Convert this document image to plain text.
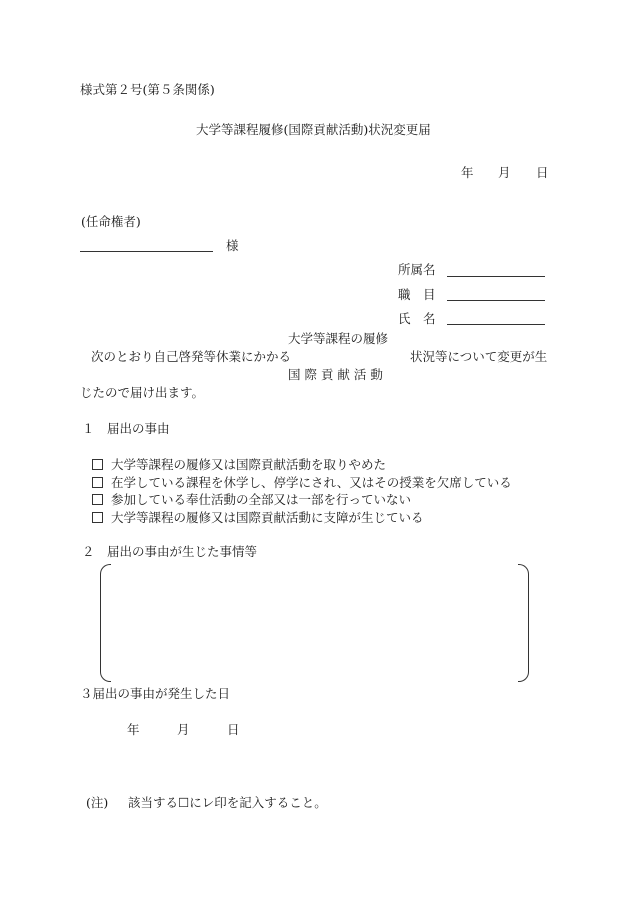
様式第２号(第５条関係)
大学等課程履修(国際貢献活動)状況変更届
年 月 日
(任命権者)
様
所属名
職　目
氏　名
大学等課程の履修
次のとおり自己啓発等休業にかかる	状況等について変更が生
国 際 貢 献 活 動
じたので届け出ます。
１　届出の事由
大学等課程の履修又は国際貢献活動を取りやめた
在学している課程を休学し、停学にされ、又はその授業を欠席している
参加している奉仕活動の全部又は一部を行っていない
大学等課程の履修又は国際貢献活動に支障が生じている
２　届出の事由が生じた事情等
３届出の事由が発生した日
年	月	日
(注) 該当する☐にレ印を記入すること。
